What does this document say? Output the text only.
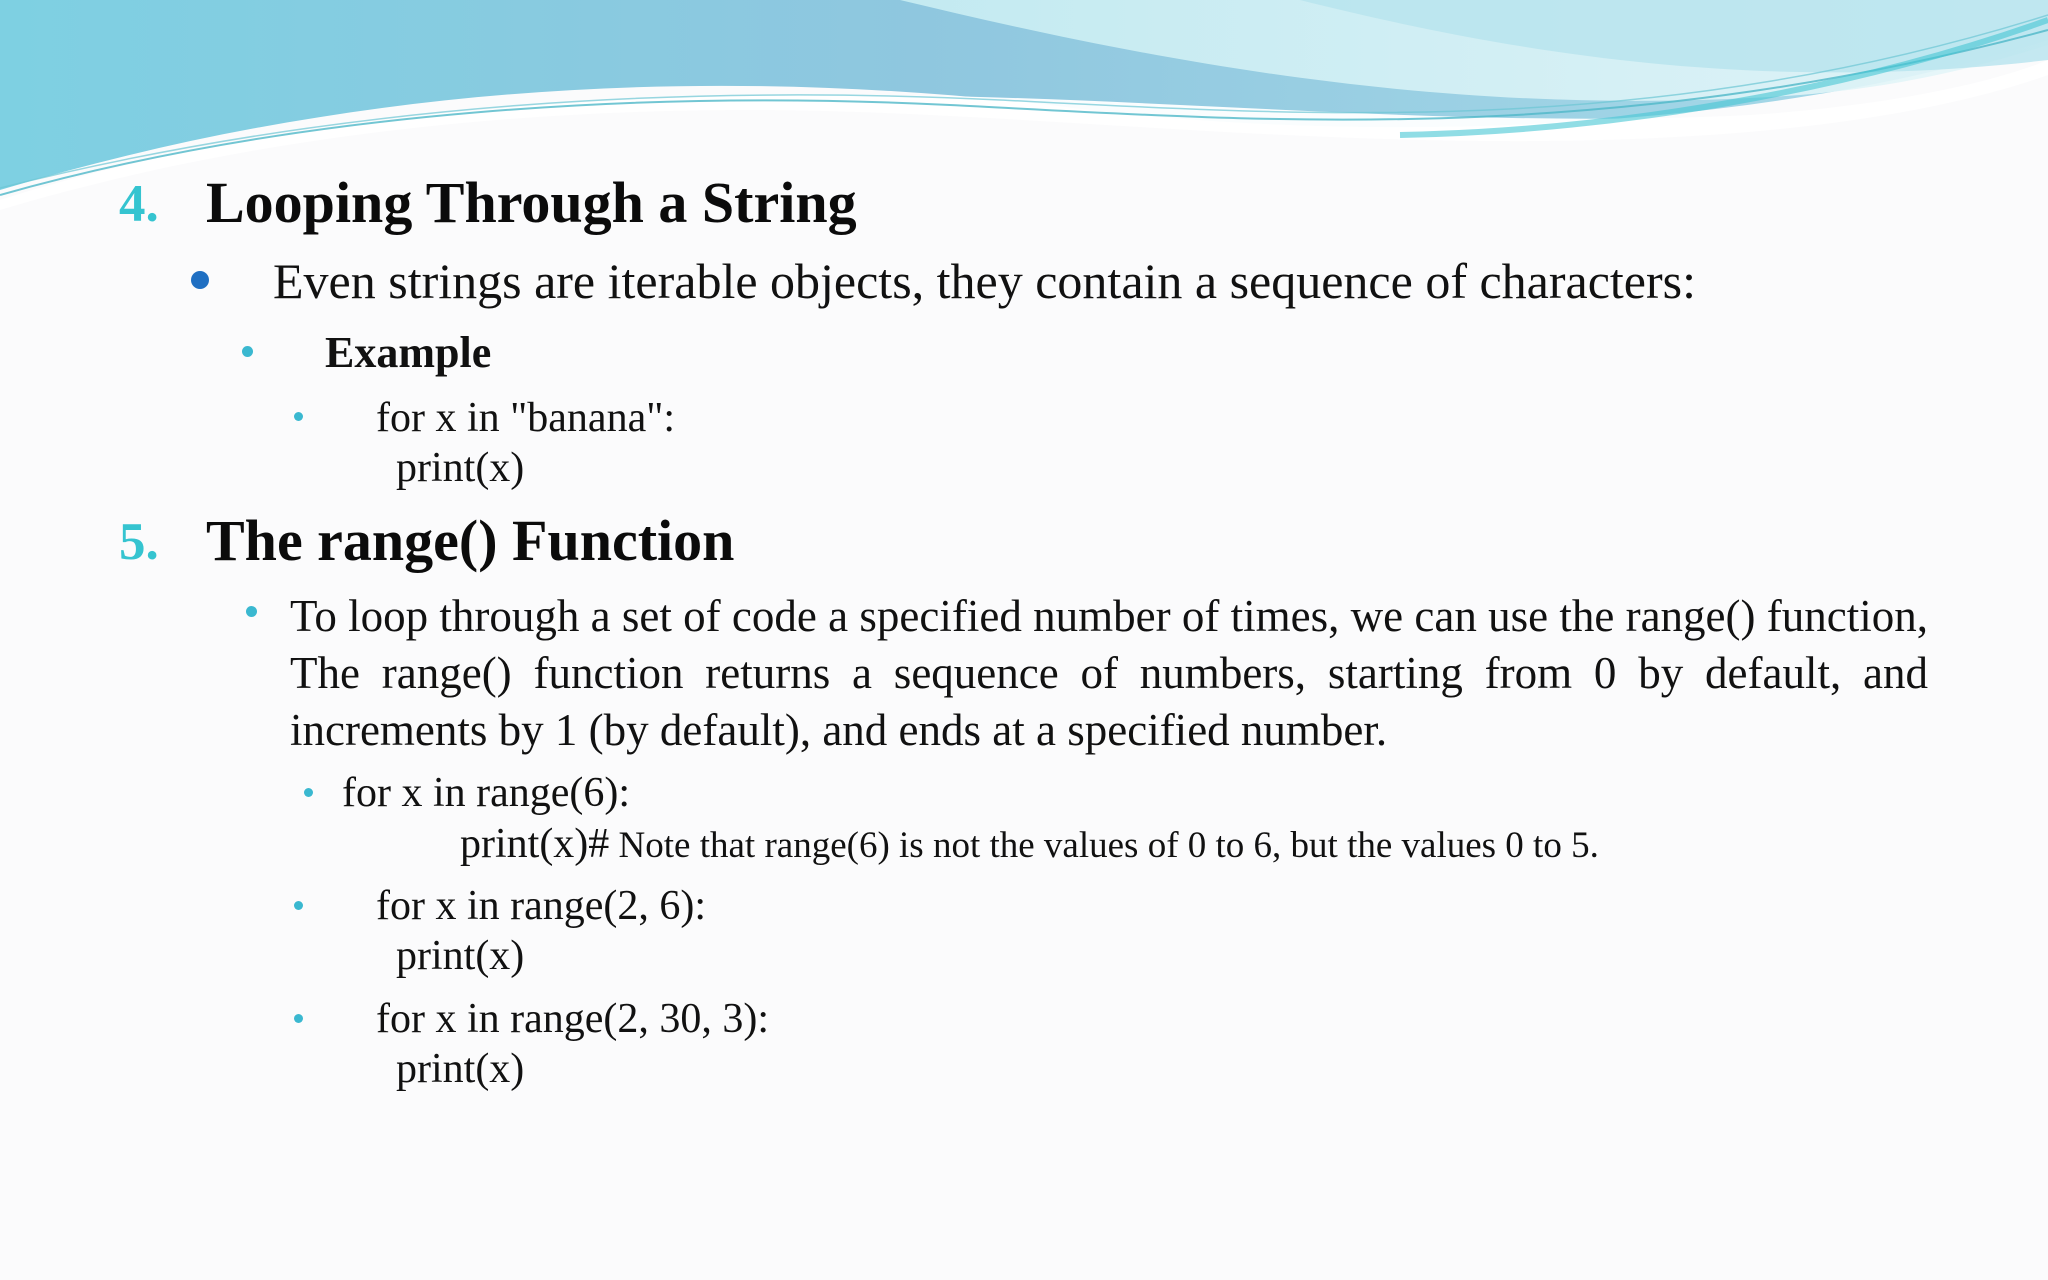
4. Looping Through a String
Even strings are iterable objects, they contain a sequence of characters:
Example
for x in "banana":
print(x)
5. The range() Function

To loop through a set of code a specified number of times, we can use the range() function, The range() function returns a sequence of numbers, starting from 0 by default, and increments by 1 (by default), and ends at a specified number.

for x in range(6):
print(x)# Note that range(6) is not the values of 0 to 6, but the values 0 to 5.
for x in range(2, 6):
print(x)
for x in range(2, 30, 3):
print(x)
